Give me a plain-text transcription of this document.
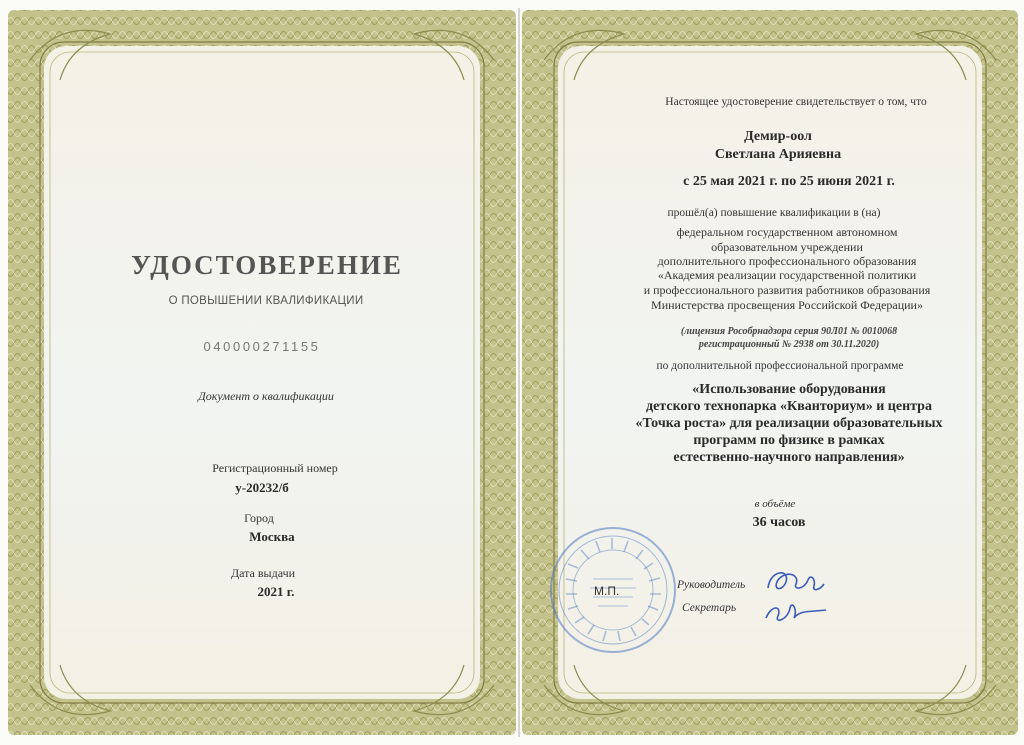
УДОСТОВЕРЕНИЕ
О ПОВЫШЕНИИ КВАЛИФИКАЦИИ
040000271155
Документ о квалификации
Регистрационный номер
у-20232/б
Город
Москва
Дата выдачи
2021 г.
Настоящее удостоверение свидетельствует о том, что
Демир-оол
Светлана Арияевна
с 25 мая 2021 г. по 25 июня 2021 г.
прошёл(а) повышение квалификации в (на)
федеральном государственном автономном
образовательном учреждении
дополнительного профессионального образования
«Академия реализации государственной политики
и профессионального развития работников образования
Министерства просвещения Российской Федерации»
(лицензия Рособрнадзора серия 90Л01 № 0010068
регистрационный № 2938 от 30.11.2020)
по дополнительной профессиональной программе
«Использование оборудования
детского технопарка «Кванториум» и центра
«Точка роста» для реализации образовательных
программ по физике в рамках
естественно-научного направления»
в объёме
36 часов
М.П.	Руководитель
Секретарь
